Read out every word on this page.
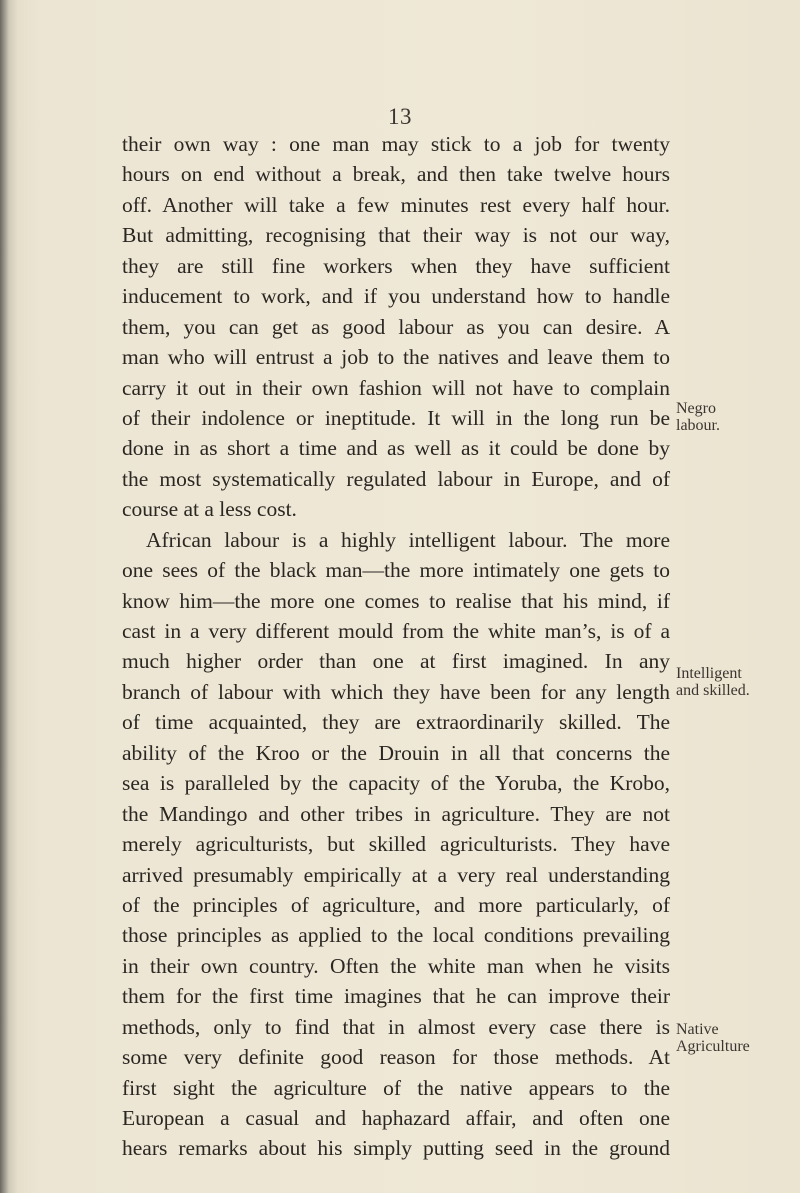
13
their own way : one man may stick to a job for twenty
hours on end without a break, and then take twelve hours
off. Another will take a few minutes rest every half hour.
But admitting, recognising that their way is not our way,
they are still fine workers when they have sufficient
inducement to work, and if you understand how to handle
them, you can get as good labour as you can desire. A
man who will entrust a job to the natives and leave them to
carry it out in their own fashion will not have to complain
of their indolence or ineptitude. It will in the long run be
done in as short a time and as well as it could be done by
the most systematically regulated labour in Europe, and of
course at a less cost.
African labour is a highly intelligent labour. The more
one sees of the black man—the more intimately one gets to
know him—the more one comes to realise that his mind, if
cast in a very different mould from the white man’s, is of a
much higher order than one at first imagined. In any
branch of labour with which they have been for any length
of time acquainted, they are extraordinarily skilled. The
ability of the Kroo or the Drouin in all that concerns the
sea is paralleled by the capacity of the Yoruba, the Krobo,
the Mandingo and other tribes in agriculture. They are not
merely agriculturists, but skilled agriculturists. They have
arrived presumably empirically at a very real understanding
of the principles of agriculture, and more particularly, of
those principles as applied to the local conditions prevailing
in their own country. Often the white man when he visits
them for the first time imagines that he can improve their
methods, only to find that in almost every case there is
some very definite good reason for those methods. At
first sight the agriculture of the native appears to the
European a casual and haphazard affair, and often one
hears remarks about his simply putting seed in the ground
Negro
labour.
Intelligent
and skilled.
Native
Agriculture
